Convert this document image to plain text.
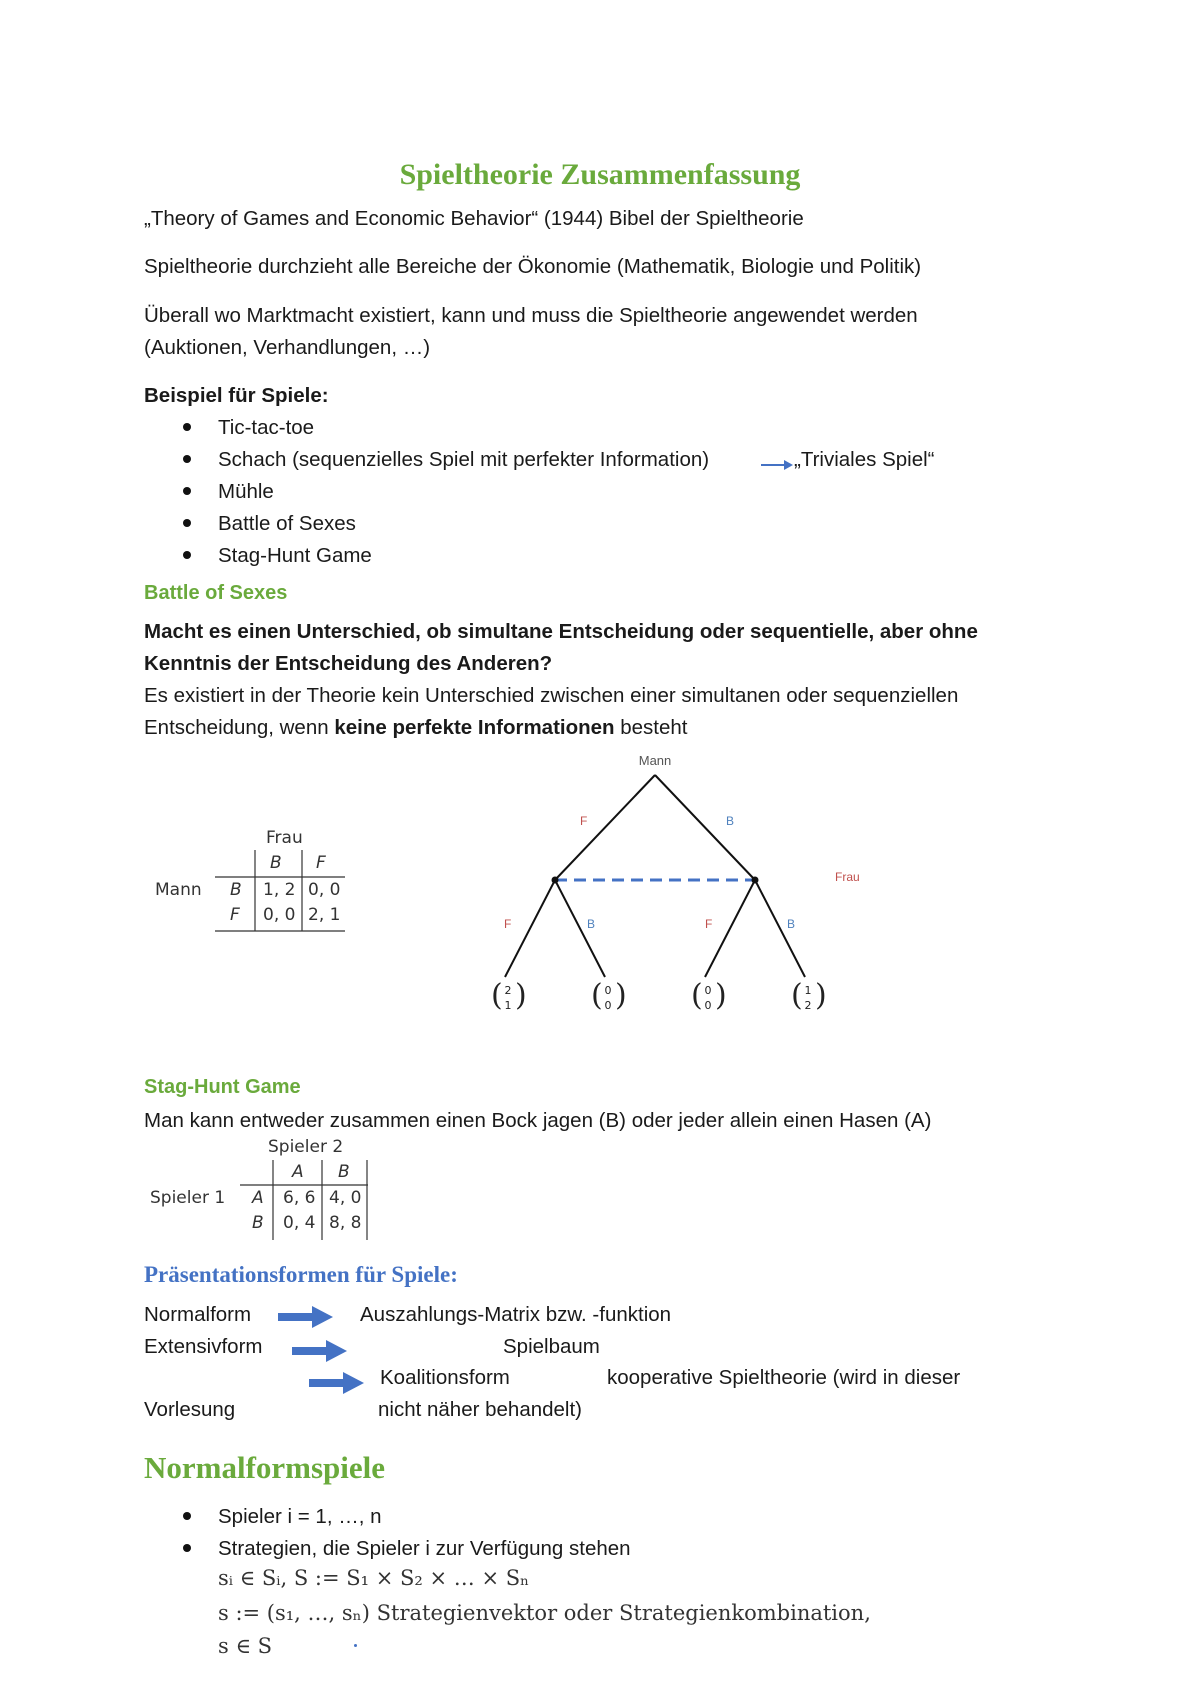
Spieltheorie Zusammenfassung
„Theory of Games and Economic Behavior“ (1944) Bibel der Spieltheorie
Spieltheorie durchzieht alle Bereiche der Ökonomie (Mathematik, Biologie und Politik)
Überall wo Marktmacht existiert, kann und muss die Spieltheorie angewendet werden
(Auktionen, Verhandlungen, …)
Beispiel für Spiele:
Tic-tac-toe
Schach (sequenzielles Spiel mit perfekter Information)	„Triviales Spiel“
Mühle
Battle of Sexes
Stag-Hunt Game
Battle of Sexes
Macht es einen Unterschied, ob simultane Entscheidung oder sequentielle, aber ohne
Kenntnis der Entscheidung des Anderen?
Es existiert in der Theorie kein Unterschied zwischen einer simultanen oder sequenziellen
Entscheidung, wenn keine perfekte Informationen besteht
Frau
Mann
B F
B 1, 2 0, 0
F 0, 0 2, 1
Mann
F	B
Frau
F	B	F	B
( 2
1 ) ( 0
0 ) ( 0
0 ) ( 1
2 )
Stag-Hunt Game
Man kann entweder zusammen einen Bock jagen (B) oder jeder allein einen Hasen (A)
Spieler 2
Spieler 1
A B
A 6, 6 4, 0
B 0, 4 8, 8
Präsentationsformen für Spiele:
Normalform	Auszahlungs-Matrix bzw. -funktion
Extensivform	Spielbaum
Koalitionsform	kooperative Spieltheorie (wird in dieser
Vorlesung	nicht näher behandelt)
Normalformspiele
Spieler i = 1, …, n
Strategien, die Spieler i zur Verfügung stehen
sᵢ ∈ Sᵢ, S := S₁ × S₂ × … × Sₙ
s := (s₁, …, sₙ) Strategienvektor oder Strategienkombination,
s ∈ S
